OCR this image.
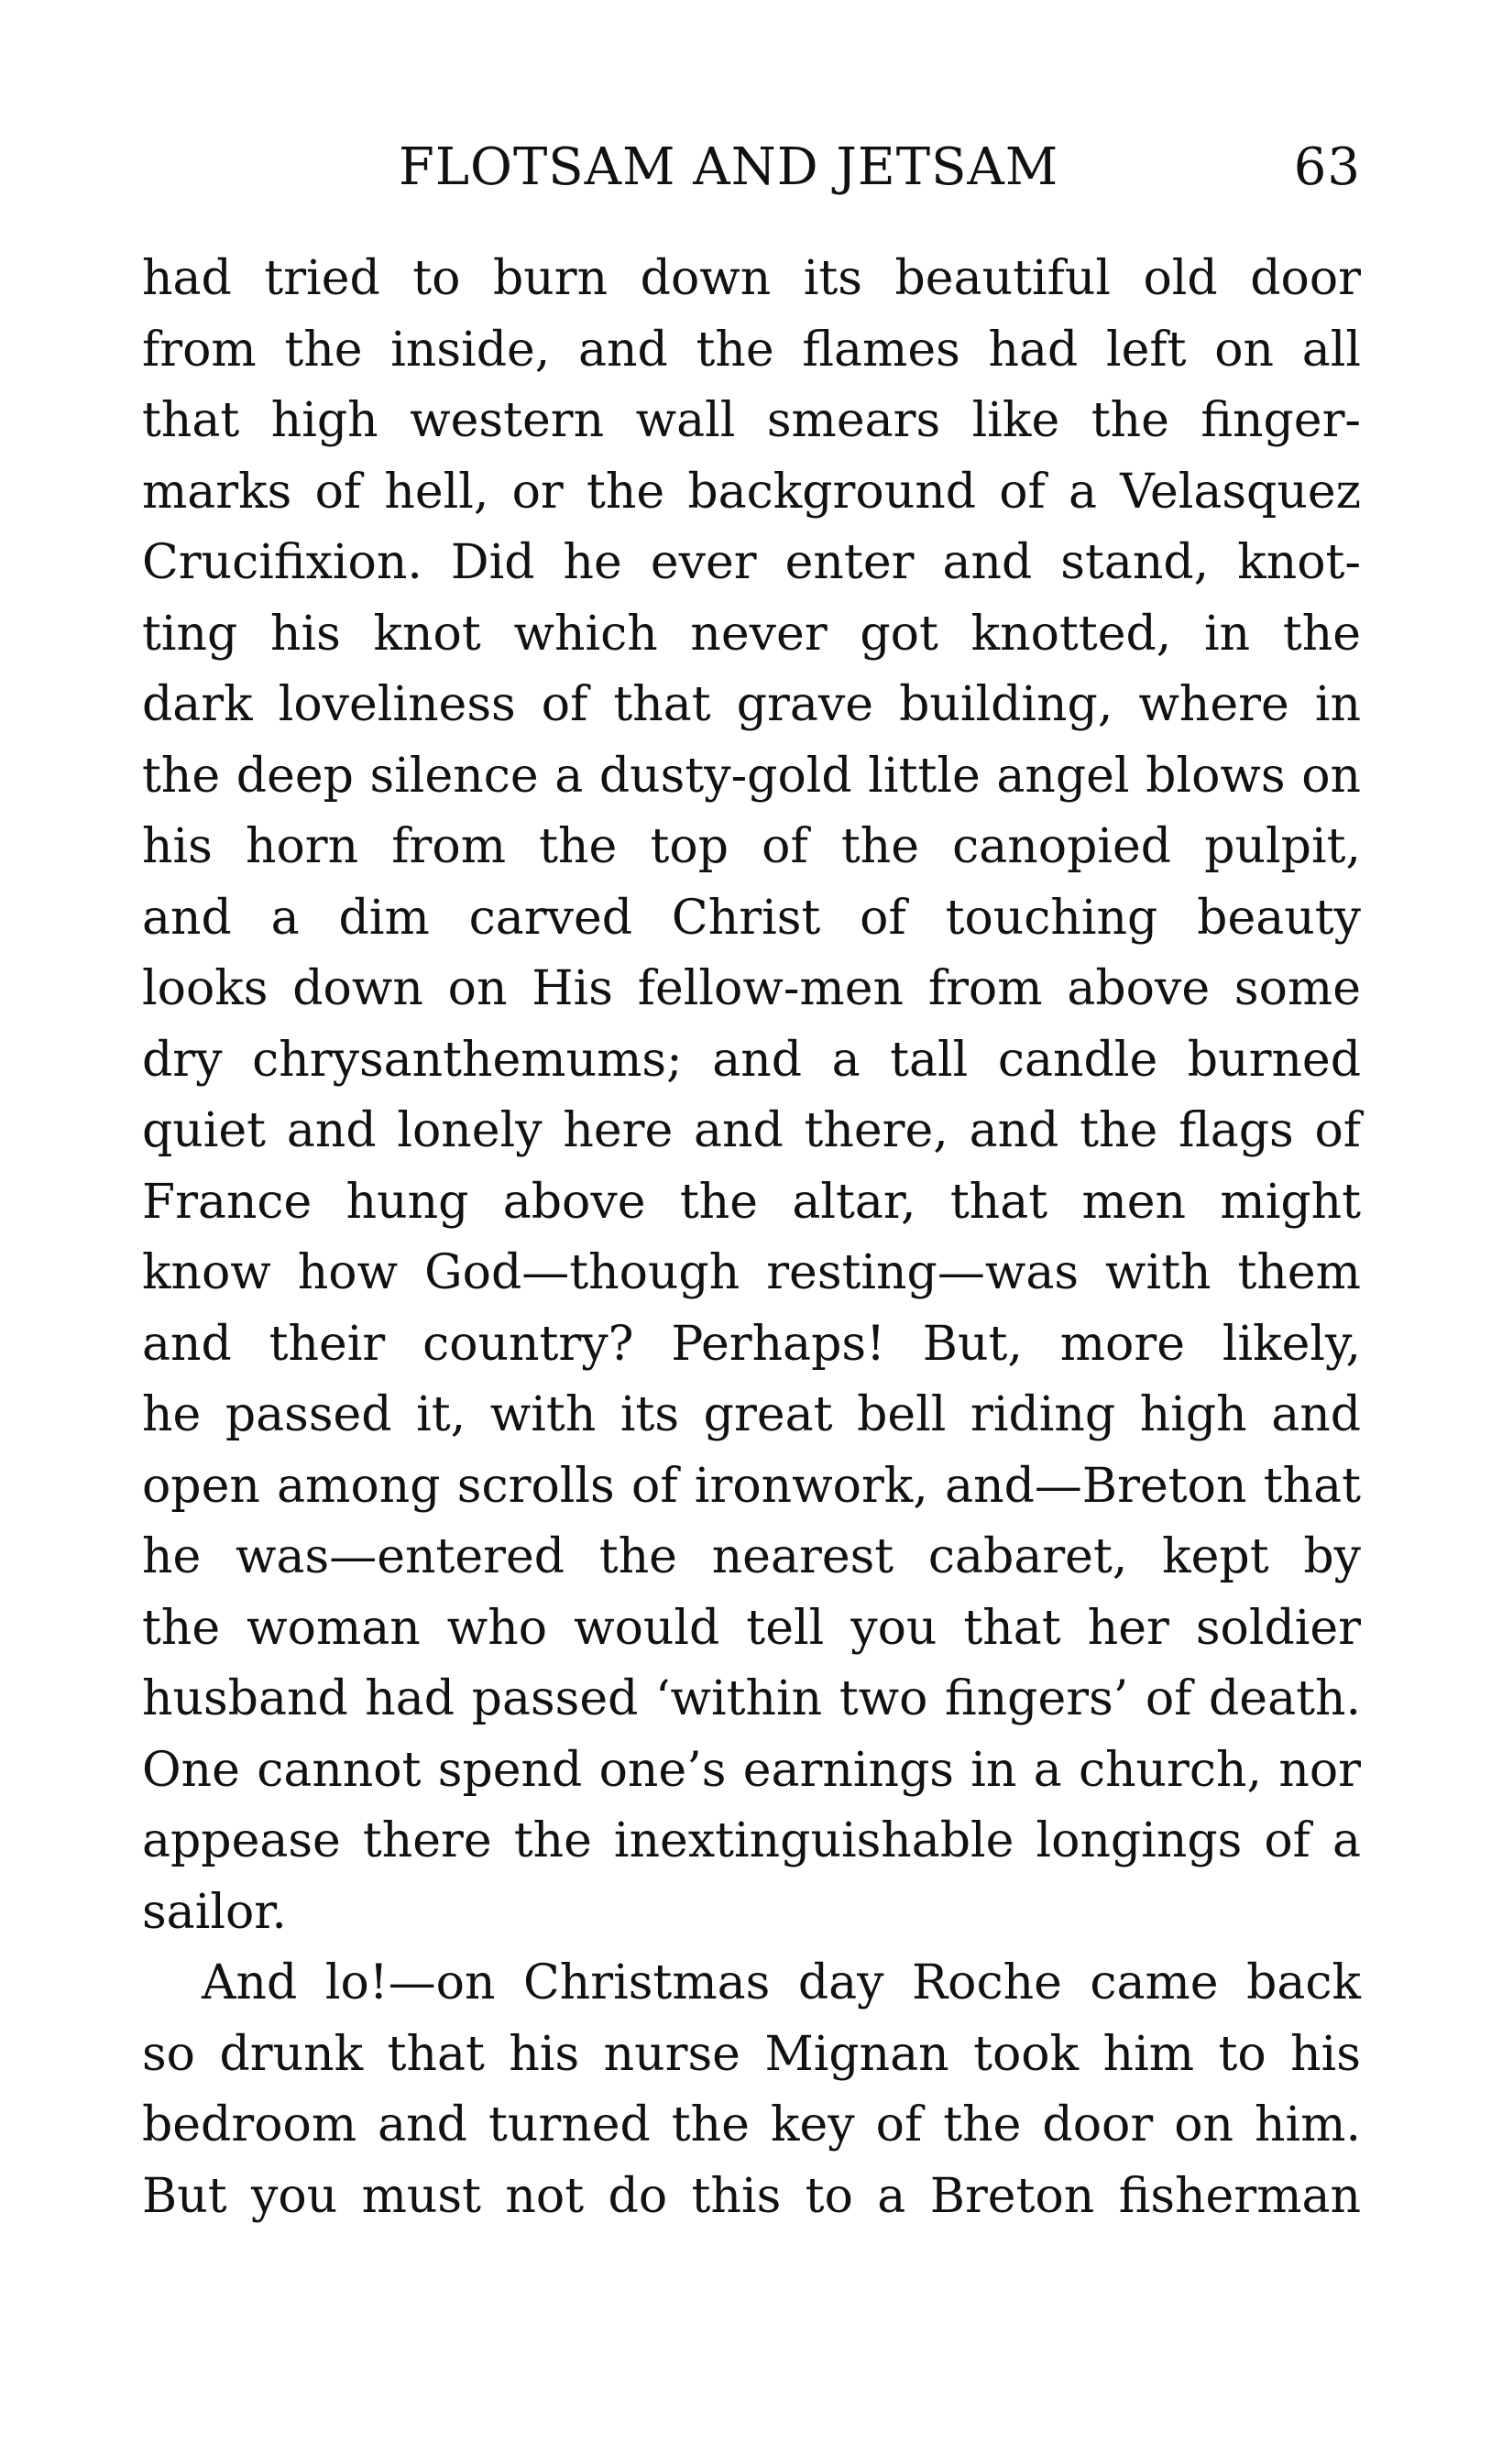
FLOTSAM AND JETSAM	63
had tried to burn down its beautiful old door
from the inside, and the flames had left on all
that high western wall smears like the finger-
marks of hell, or the background of a Velasquez
Crucifixion. Did he ever enter and stand, knot-
ting his knot which never got knotted, in the
dark loveliness of that grave building, where in
the deep silence a dusty-gold little angel blows on
his horn from the top of the canopied pulpit,
and a dim carved Christ of touching beauty
looks down on His fellow-men from above some
dry chrysanthemums; and a tall candle burned
quiet and lonely here and there, and the flags of
France hung above the altar, that men might
know how God—though resting—was with them
and their country? Perhaps! But, more likely,
he passed it, with its great bell riding high and
open among scrolls of ironwork, and—Breton that
he was—entered the nearest cabaret, kept by
the woman who would tell you that her soldier
husband had passed ‘within two fingers’ of death.
One cannot spend one’s earnings in a church, nor
appease there the inextinguishable longings of a
sailor.
And lo!—on Christmas day Roche came back
so drunk that his nurse Mignan took him to his
bedroom and turned the key of the door on him.
But you must not do this to a Breton fisherman
